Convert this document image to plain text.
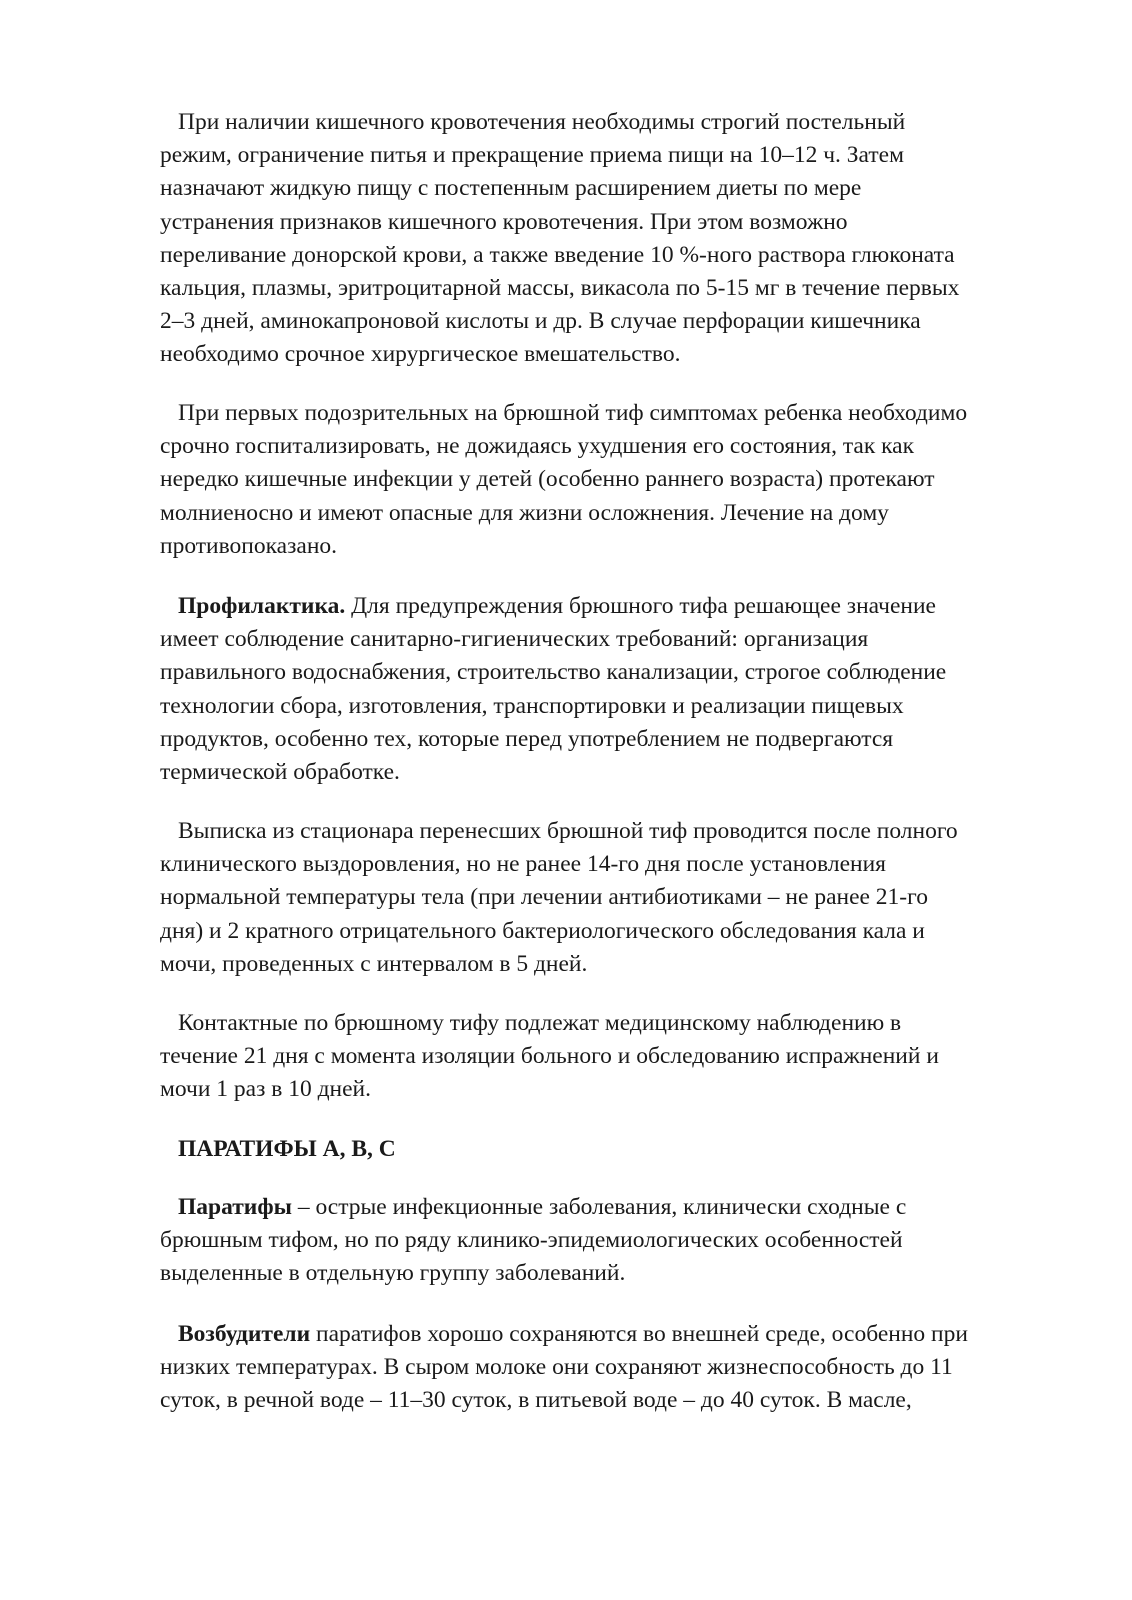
При наличии кишечного кровотечения необходимы строгий постельный
режим, ограничение питья и прекращение приема пищи на 10–12 ч. Затем
назначают жидкую пищу с постепенным расширением диеты по мере
устранения признаков кишечного кровотечения. При этом возможно
переливание донорской крови, а также введение 10 %-ного раствора глюконата
кальция, плазмы, эритроцитарной массы, викасола по 5-15 мг в течение первых
2–3 дней, аминокапроновой кислоты и др. В случае перфорации кишечника
необходимо срочное хирургическое вмешательство.
При первых подозрительных на брюшной тиф симптомах ребенка необходимо
срочно госпитализировать, не дожидаясь ухудшения его состояния, так как
нередко кишечные инфекции у детей (особенно раннего возраста) протекают
молниеносно и имеют опасные для жизни осложнения. Лечение на дому
противопоказано.
Профилактика. Для предупреждения брюшного тифа решающее значение
имеет соблюдение санитарно-гигиенических требований: организация
правильного водоснабжения, строительство канализации, строгое соблюдение
технологии сбора, изготовления, транспортировки и реализации пищевых
продуктов, особенно тех, которые перед употреблением не подвергаются
термической обработке.
Выписка из стационара перенесших брюшной тиф проводится после полного
клинического выздоровления, но не ранее 14-го дня после установления
нормальной температуры тела (при лечении антибиотиками – не ранее 21-го
дня) и 2 кратного отрицательного бактериологического обследования кала и
мочи, проведенных с интервалом в 5 дней.
Контактные по брюшному тифу подлежат медицинскому наблюдению в
течение 21 дня с момента изоляции больного и обследованию испражнений и
мочи 1 раз в 10 дней.
ПАРАТИФЫ А, В, С
Паратифы – острые инфекционные заболевания, клинически сходные с
брюшным тифом, но по ряду клинико-эпидемиологических особенностей
выделенные в отдельную группу заболеваний.
Возбудители паратифов хорошо сохраняются во внешней среде, особенно при
низких температурах. В сыром молоке они сохраняют жизнеспособность до 11
суток, в речной воде – 11–30 суток, в питьевой воде – до 40 суток. В масле,
